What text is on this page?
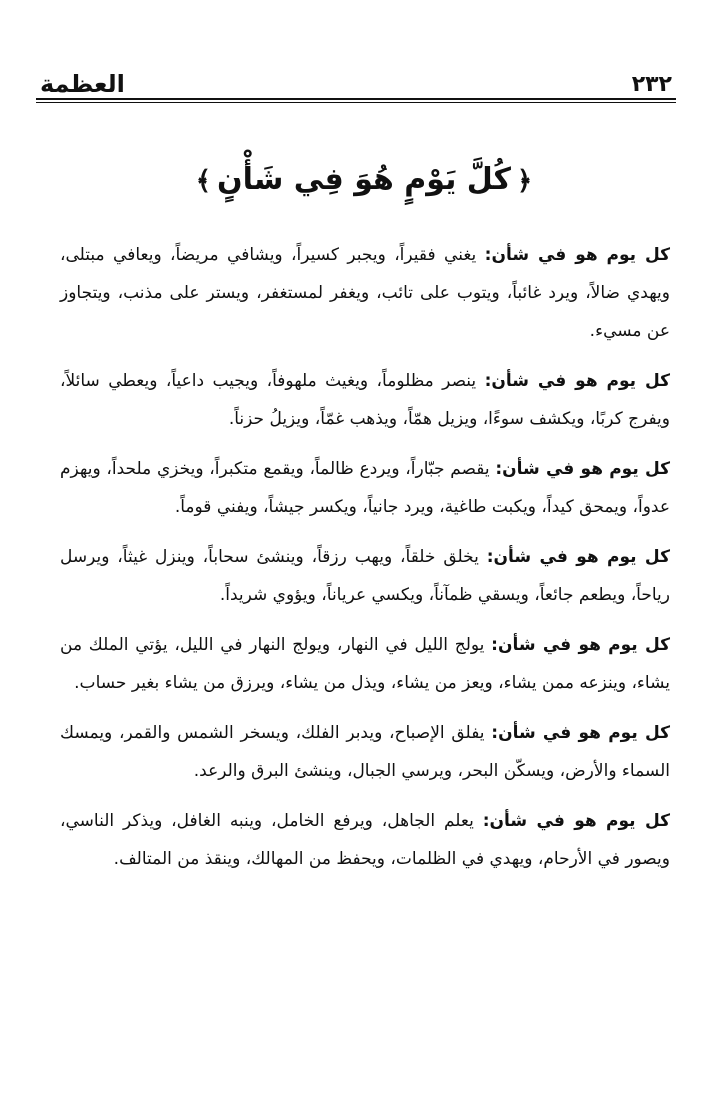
٢٣٢
العظمة
﴿كُلَّ يَوْمٍ هُوَ فِي شَأْنٍ﴾

كل يوم هو في شأن: يغني فقيراً، ويجبر كسيراً، ويشافي مريضاً، ويعافي مبتلى، ويهدي ضالاً، ويرد غائباً، ويتوب على تائب، ويغفر لمستغفر، ويستر على مذنب، ويتجاوز عن مسيء.

كل يوم هو في شأن: ينصر مظلوماً، ويغيث ملهوفاً، ويجيب داعياً، ويعطي سائلاً، ويفرج كربًا، ويكشف سوءًا، ويزيل همّاً، ويذهب غمّاً، ويزيلُ حزناً.

كل يوم هو في شأن: يقصم جبّاراً، ويردع ظالماً، ويقمع متكبراً، ويخزي ملحداً، ويهزم عدواً، ويمحق كيداً، ويكبت طاغية، ويرد جانياً، ويكسر جيشاً، ويفني قوماً.

كل يوم هو في شأن: يخلق خلقاً، ويهب رزقاً، وينشئ سحاباً، وينزل غيثاً، ويرسل رياحاً، ويطعم جائعاً، ويسقي ظمآناً، ويكسي عرياناً، ويؤوي شريداً.

كل يوم هو في شأن: يولج الليل في النهار، ويولج النهار في الليل، يؤتي الملك من يشاء، وينزعه ممن يشاء، ويعز من يشاء، ويذل من يشاء، ويرزق من يشاء بغير حساب.

كل يوم هو في شأن: يفلق الإصباح، ويدبر الفلك، ويسخر الشمس والقمر، ويمسك السماء والأرض، ويسكّن البحر، ويرسي الجبال، وينشئ البرق والرعد.

كل يوم هو في شأن: يعلم الجاهل، ويرفع الخامل، وينبه الغافل، ويذكر الناسي، ويصور في الأرحام، ويهدي في الظلمات، ويحفظ من المهالك، وينقذ من المتالف.
